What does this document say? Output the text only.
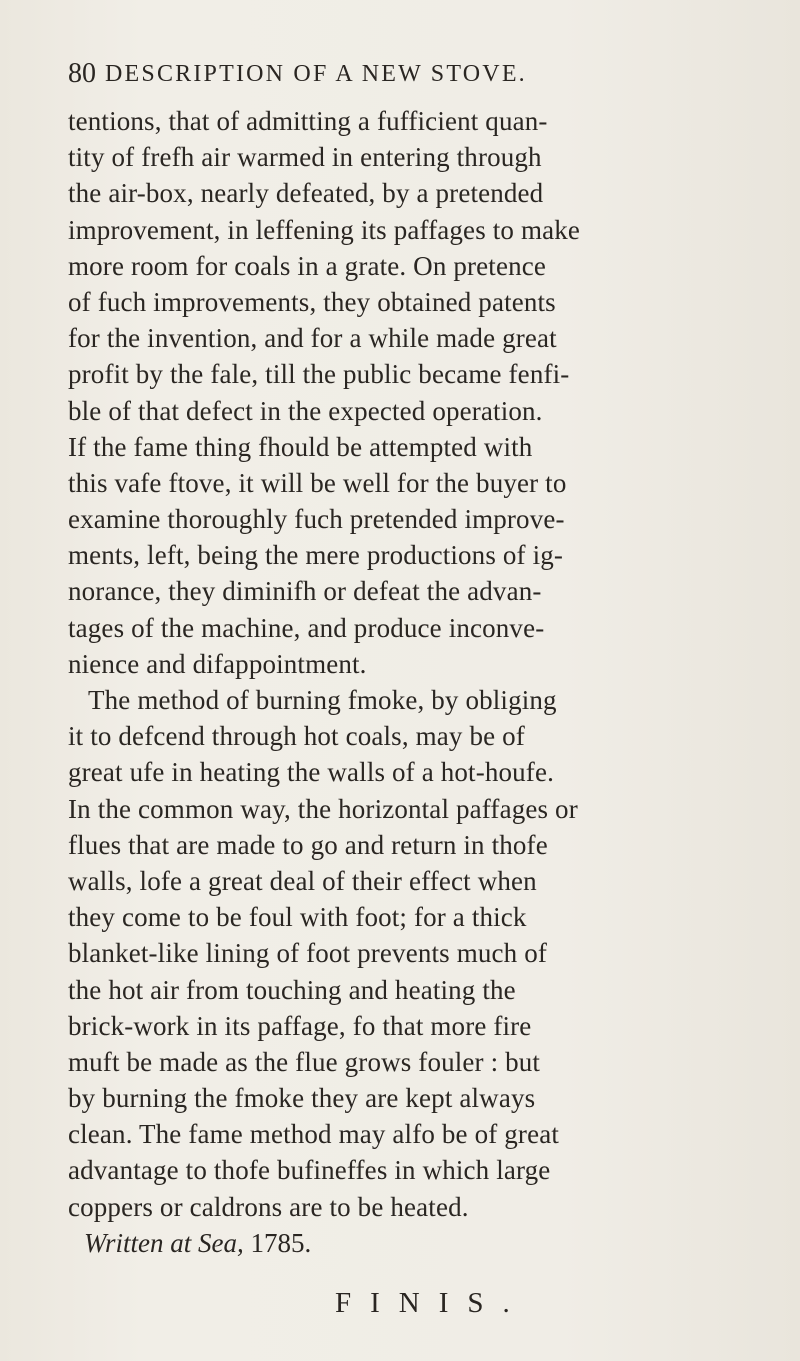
80 DESCRIPTION OF A NEW STOVE.
tentions, that of admitting a fufficient quan-
tity of frefh air warmed in entering through
the air-box, nearly defeated, by a pretended
improvement, in leffening its paffages to make
more room for coals in a grate. On pretence
of fuch improvements, they obtained patents
for the invention, and for a while made great
profit by the fale, till the public became fenfi-
ble of that defect in the expected operation.
If the fame thing fhould be attempted with
this vafe ftove, it will be well for the buyer to
examine thoroughly fuch pretended improve-
ments, left, being the mere productions of ig-
norance, they diminifh or defeat the advan-
tages of the machine, and produce inconve-
nience and difappointment.
The method of burning fmoke, by obliging
it to defcend through hot coals, may be of
great ufe in heating the walls of a hot-houfe.
In the common way, the horizontal paffages or
flues that are made to go and return in thofe
walls, lofe a great deal of their effect when
they come to be foul with foot; for a thick
blanket-like lining of foot prevents much of
the hot air from touching and heating the
brick-work in its paffage, fo that more fire
muft be made as the flue grows fouler : but
by burning the fmoke they are kept always
clean. The fame method may alfo be of great
advantage to thofe bufineffes in which large
coppers or caldrons are to be heated.
Written at Sea, 1785.
FINIS.
